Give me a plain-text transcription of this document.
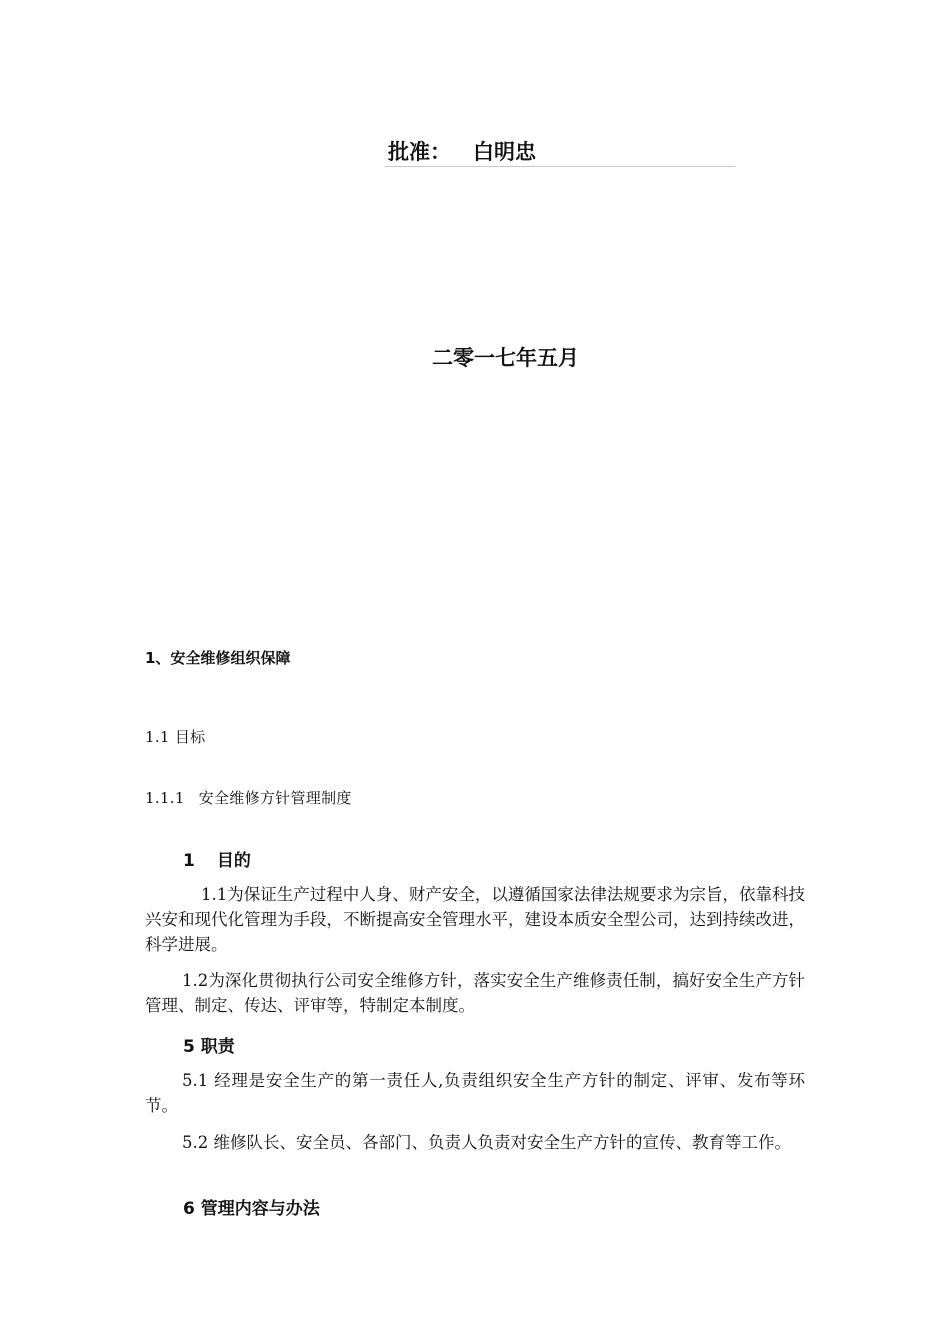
批准： 白明忠
二零一七年五月
1、安全维修组织保障
1.1 目标
1.1.1 安全维修方针管理制度
1 目的

1.1为保证生产过程中人身、财产安全，以遵循国家法律法规要求为宗旨，依靠科技兴安和现代化管理为手段，不断提高安全管理水平，建设本质安全型公司，达到持续改进，科学进展。

1.2为深化贯彻执行公司安全维修方针，落实安全生产维修责任制，搞好安全生产方针管理、制定、传达、评审等，特制定本制度。

5 职责

5.1 经理是安全生产的第一责任人,负责组织安全生产方针的制定、评审、发布等环节。

5.2 维修队长、安全员、各部门、负责人负责对安全生产方针的宣传、教育等工作。

6 管理内容与办法
